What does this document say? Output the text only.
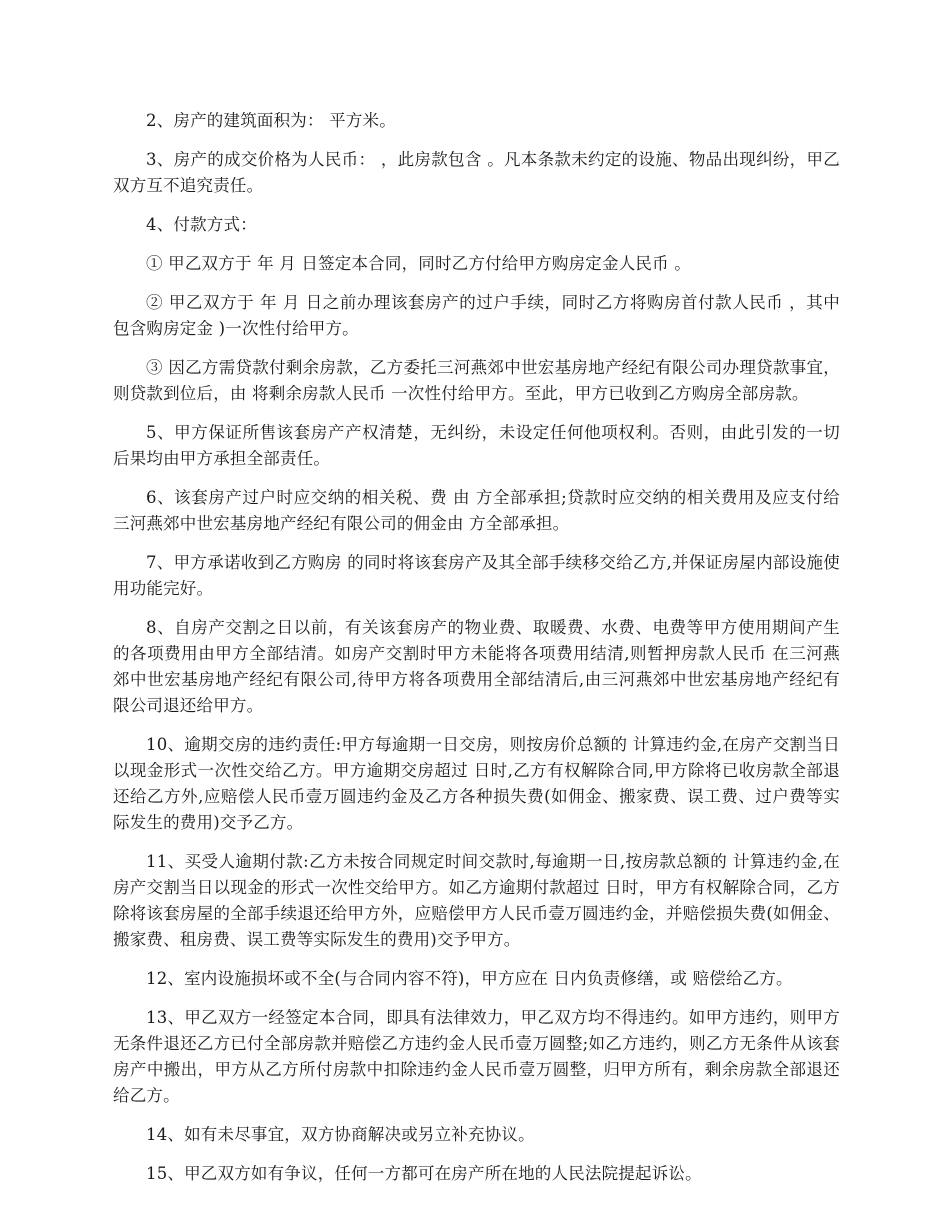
2、房产的建筑面积为： 平方米。

3、房产的成交价格为人民币： ，此房款包含 。凡本条款未约定的设施、物品出现纠纷，甲乙双方互不追究责任。

4、付款方式：

① 甲乙双方于 年 月 日签定本合同，同时乙方付给甲方购房定金人民币 。

② 甲乙双方于 年 月 日之前办理该套房产的过户手续，同时乙方将购房首付款人民币 ，其中包含购房定金 )一次性付给甲方。

③ 因乙方需贷款付剩余房款，乙方委托三河燕郊中世宏基房地产经纪有限公司办理贷款事宜，则贷款到位后，由 将剩余房款人民币 一次性付给甲方。至此，甲方已收到乙方购房全部房款。

5、甲方保证所售该套房产产权清楚，无纠纷，未设定任何他项权利。否则，由此引发的一切后果均由甲方承担全部责任。

6、该套房产过户时应交纳的相关税、费 由 方全部承担;贷款时应交纳的相关费用及应支付给三河燕郊中世宏基房地产经纪有限公司的佣金由 方全部承担。

7、甲方承诺收到乙方购房 的同时将该套房产及其全部手续移交给乙方,并保证房屋内部设施使用功能完好。

8、自房产交割之日以前，有关该套房产的物业费、取暖费、水费、电费等甲方使用期间产生的各项费用由甲方全部结清。如房产交割时甲方未能将各项费用结清,则暂押房款人民币 在三河燕郊中世宏基房地产经纪有限公司,待甲方将各项费用全部结清后,由三河燕郊中世宏基房地产经纪有限公司退还给甲方。

10、逾期交房的违约责任:甲方每逾期一日交房，则按房价总额的 计算违约金,在房产交割当日以现金形式一次性交给乙方。甲方逾期交房超过 日时,乙方有权解除合同,甲方除将已收房款全部退还给乙方外,应赔偿人民币壹万圆违约金及乙方各种损失费(如佣金、搬家费、误工费、过户费等实际发生的费用)交予乙方。

11、买受人逾期付款:乙方未按合同规定时间交款时,每逾期一日,按房款总额的 计算违约金,在房产交割当日以现金的形式一次性交给甲方。如乙方逾期付款超过 日时，甲方有权解除合同，乙方除将该套房屋的全部手续退还给甲方外，应赔偿甲方人民币壹万圆违约金，并赔偿损失费(如佣金、搬家费、租房费、误工费等实际发生的费用)交予甲方。

12、室内设施损坏或不全(与合同内容不符)，甲方应在 日内负责修缮，或 赔偿给乙方。

13、甲乙双方一经签定本合同，即具有法律效力，甲乙双方均不得违约。如甲方违约，则甲方无条件退还乙方已付全部房款并赔偿乙方违约金人民币壹万圆整;如乙方违约，则乙方无条件从该套房产中搬出，甲方从乙方所付房款中扣除违约金人民币壹万圆整，归甲方所有，剩余房款全部退还给乙方。

14、如有未尽事宜，双方协商解决或另立补充协议。

15、甲乙双方如有争议，任何一方都可在房产所在地的人民法院提起诉讼。
